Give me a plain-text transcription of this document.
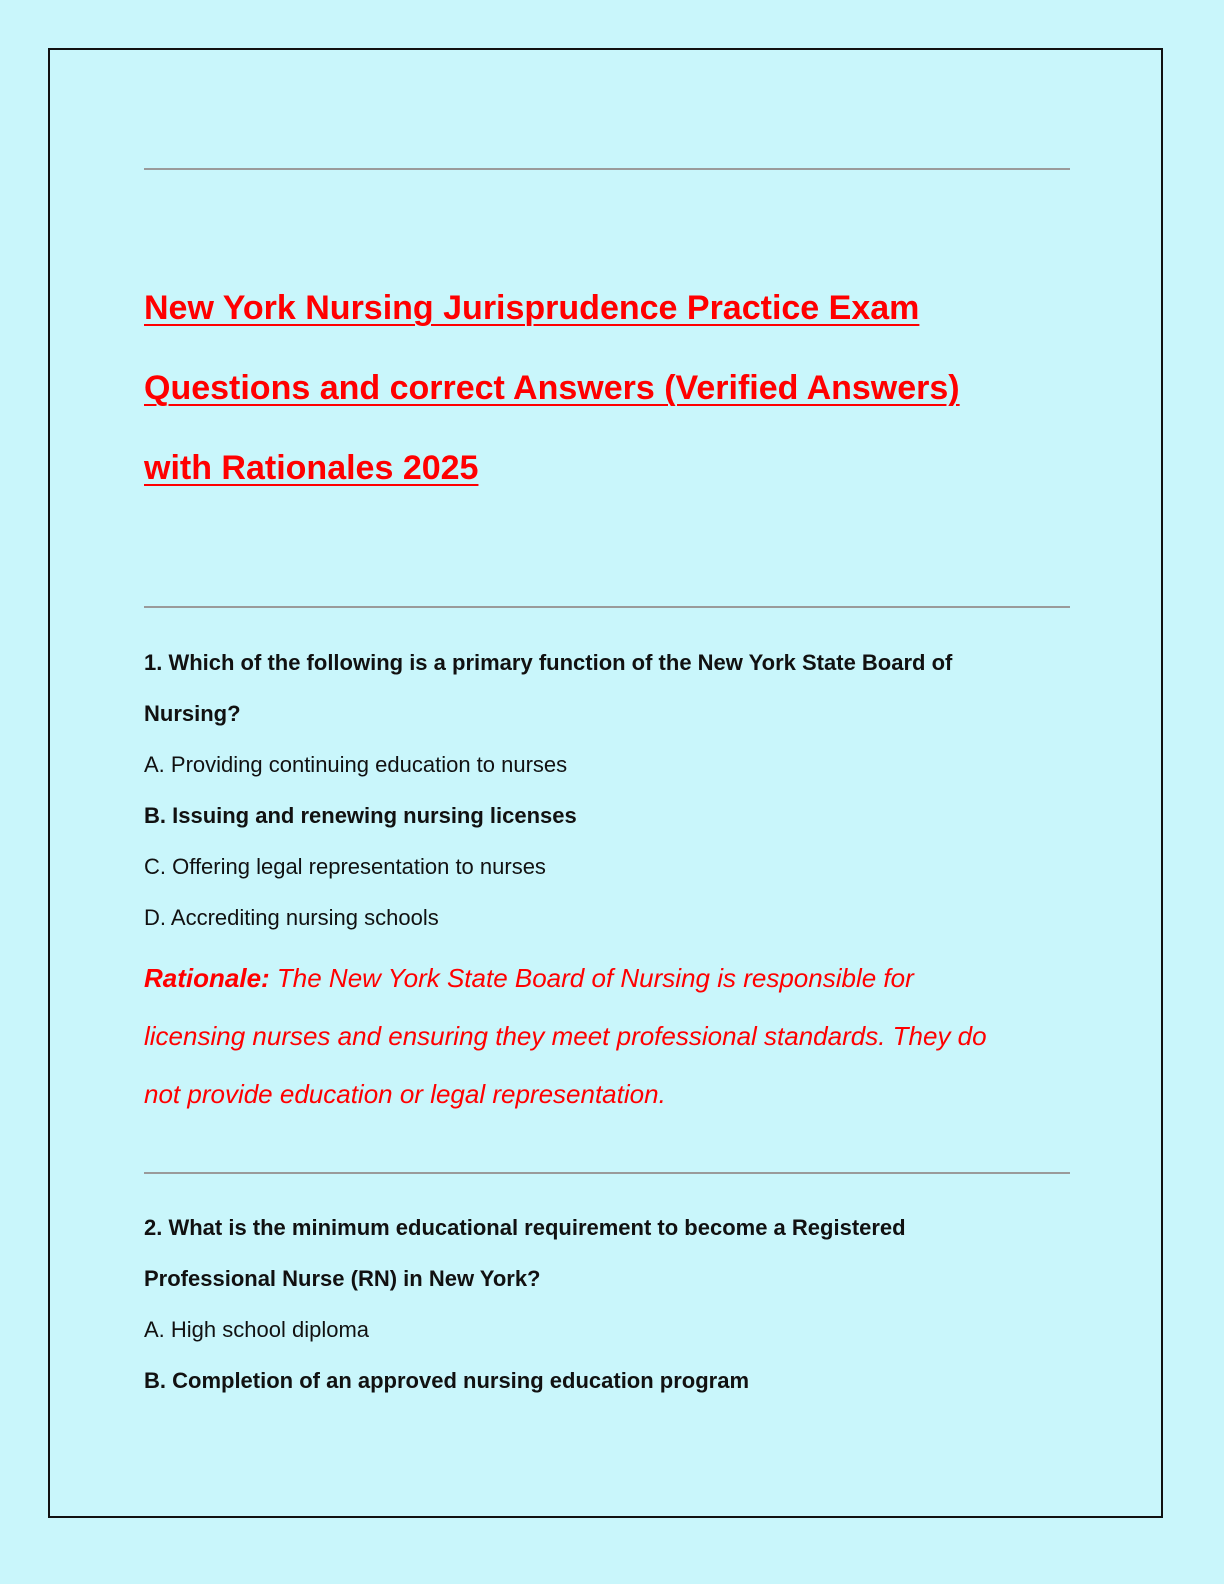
New York Nursing Jurisprudence Practice Exam
Questions and correct Answers (Verified Answers)
with Rationales 2025

1. Which of the following is a primary function of the New York State Board of
Nursing?

A. Providing continuing education to nurses

B. Issuing and renewing nursing licenses

C. Offering legal representation to nurses

D. Accrediting nursing schools

Rationale: The New York State Board of Nursing is responsible for
licensing nurses and ensuring they meet professional standards. They do
not provide education or legal representation.

2. What is the minimum educational requirement to become a Registered
Professional Nurse (RN) in New York?

A. High school diploma

B. Completion of an approved nursing education program
